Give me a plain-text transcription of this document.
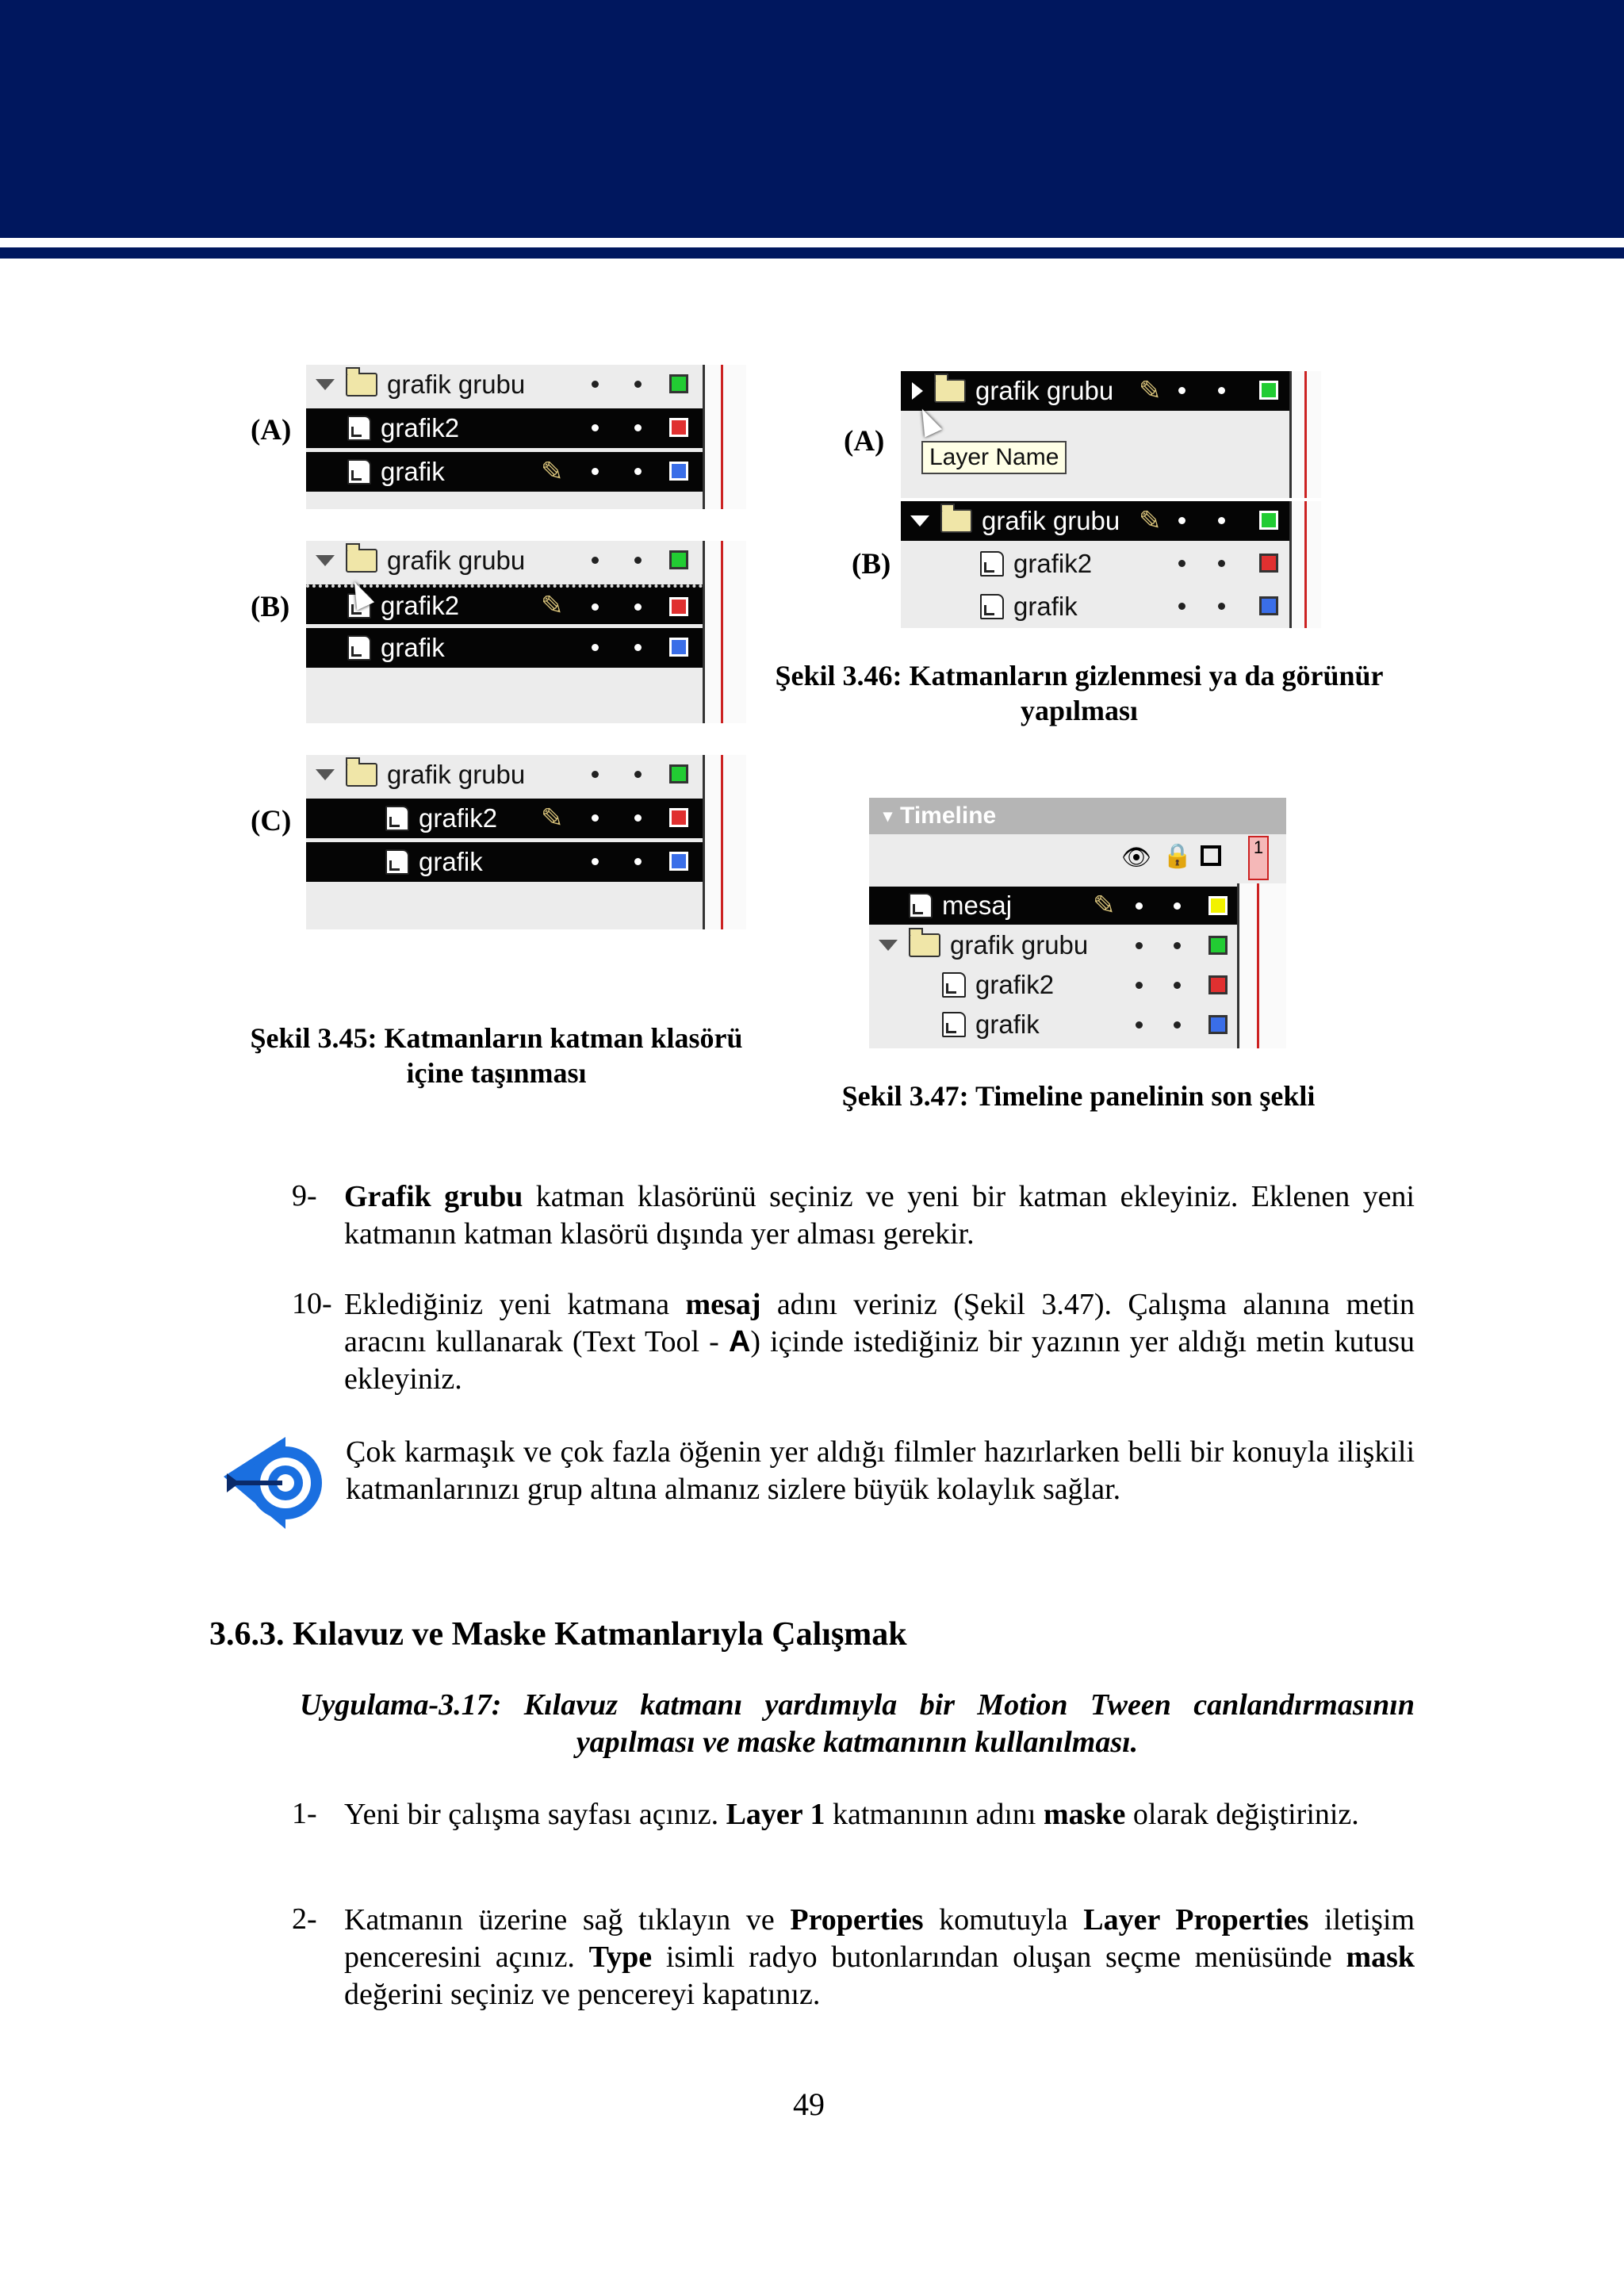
(A)
(B)
(C)
grafik grubu
grafik2
grafik	✎
grafik grubu
grafik2	✎
grafik
grafik grubu
grafik2 ✎
grafik
Şekil 3.45: Katmanların katman klasörü
içine taşınması
(A)
(B)
grafik grubu ✎
Layer Name
grafik grubu ✎
grafik2
grafik
Şekil 3.46: Katmanların gizlenmesi ya da görünür
yapılması
▾ Timeline
👁 🔒	1
mesaj	✎
grafik grubu
grafik2
grafik
Şekil 3.47: Timeline panelinin son şekli
9- Grafik grubu katman klasörünü seçiniz ve yeni bir katman ekleyiniz. Eklenen yeni katmanın katman klasörü dışında yer alması gerekir.
10- Eklediğiniz yeni katmana mesaj adını veriniz (Şekil 3.47). Çalışma alanına metin aracını kullanarak (Text Tool - A) içinde istediğiniz bir yazının yer aldığı metin kutusu ekleyiniz.
Çok karmaşık ve çok fazla öğenin yer aldığı filmler hazırlarken belli bir konuyla ilişkili katmanlarınızı grup altına almanız sizlere büyük kolaylık sağlar.
3.6.3. Kılavuz ve Maske Katmanlarıyla Çalışmak
Uygulama-3.17: Kılavuz katmanı yardımıyla bir Motion Tween canlandırmasının yapılması ve maske katmanının kullanılması.
1- Yeni bir çalışma sayfası açınız. Layer 1 katmanının adını maske olarak değiştiriniz.
2- Katmanın üzerine sağ tıklayın ve Properties komutuyla Layer Properties iletişim penceresini açınız. Type isimli radyo butonlarından oluşan seçme menüsünde mask değerini seçiniz ve pencereyi kapatınız.
49
